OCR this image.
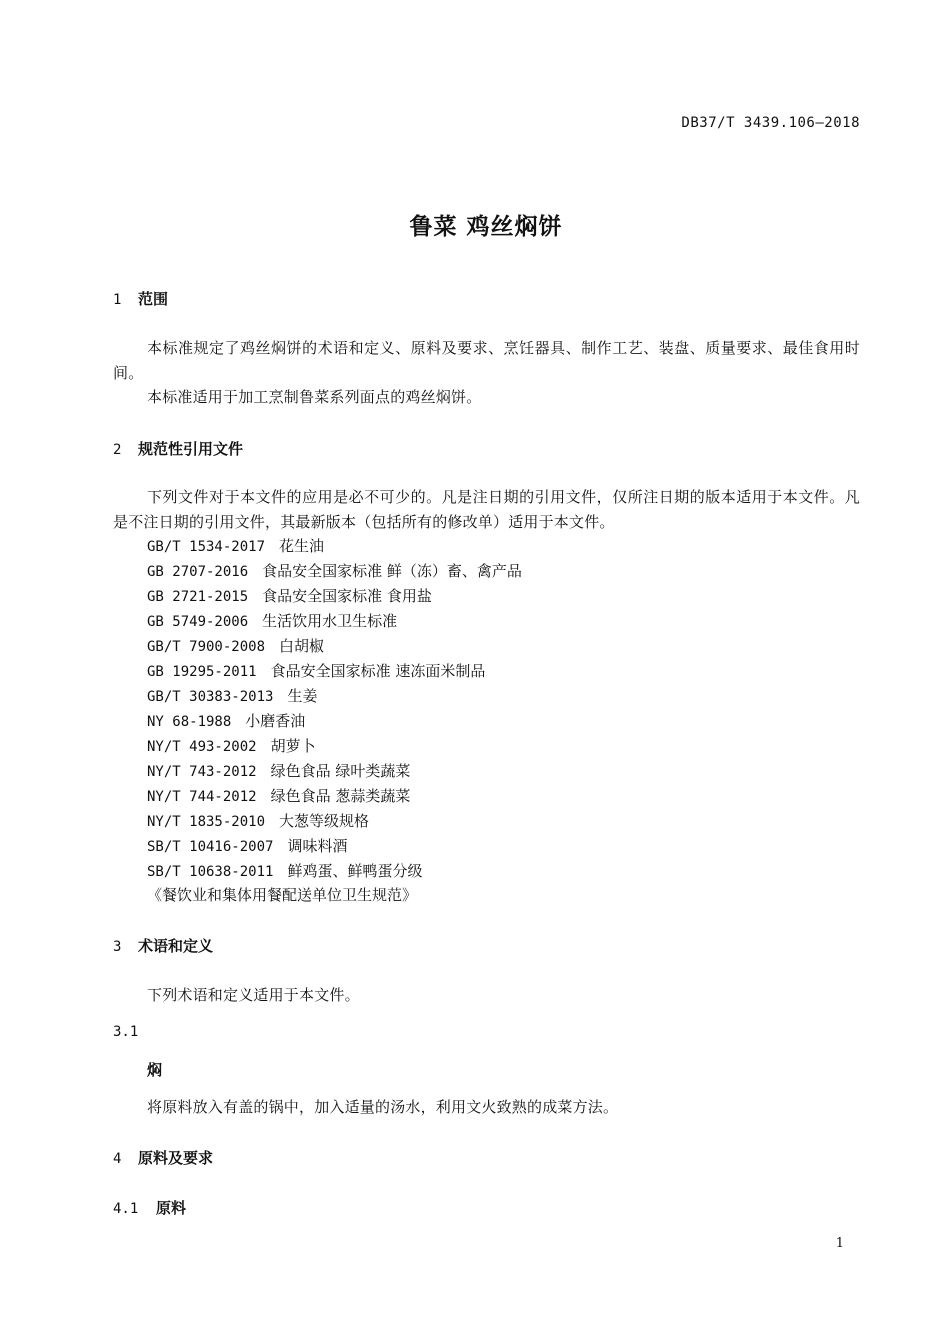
DB37/T 3439.106—2018
鲁菜 鸡丝焖饼
1 范围
本标准规定了鸡丝焖饼的术语和定义、原料及要求、烹饪器具、制作工艺、装盘、质量要求、最佳食用时间。
本标准适用于加工烹制鲁菜系列面点的鸡丝焖饼。
2 规范性引用文件
下列文件对于本文件的应用是必不可少的。凡是注日期的引用文件，仅所注日期的版本适用于本文件。凡是不注日期的引用文件，其最新版本（包括所有的修改单）适用于本文件。
GB/T 1534-2017 花生油
GB 2707-2016 食品安全国家标准 鲜（冻）畜、禽产品
GB 2721-2015 食品安全国家标准 食用盐
GB 5749-2006 生活饮用水卫生标准
GB/T 7900-2008 白胡椒
GB 19295-2011 食品安全国家标准 速冻面米制品
GB/T 30383-2013 生姜
NY 68-1988 小磨香油
NY/T 493-2002 胡萝卜
NY/T 743-2012 绿色食品 绿叶类蔬菜
NY/T 744-2012 绿色食品 葱蒜类蔬菜
NY/T 1835-2010 大葱等级规格
SB/T 10416-2007 调味料酒
SB/T 10638-2011 鲜鸡蛋、鲜鸭蛋分级
《餐饮业和集体用餐配送单位卫生规范》
3 术语和定义
下列术语和定义适用于本文件。
3.1
焖
将原料放入有盖的锅中，加入适量的汤水，利用文火致熟的成菜方法。
4 原料及要求
4.1 原料
1
